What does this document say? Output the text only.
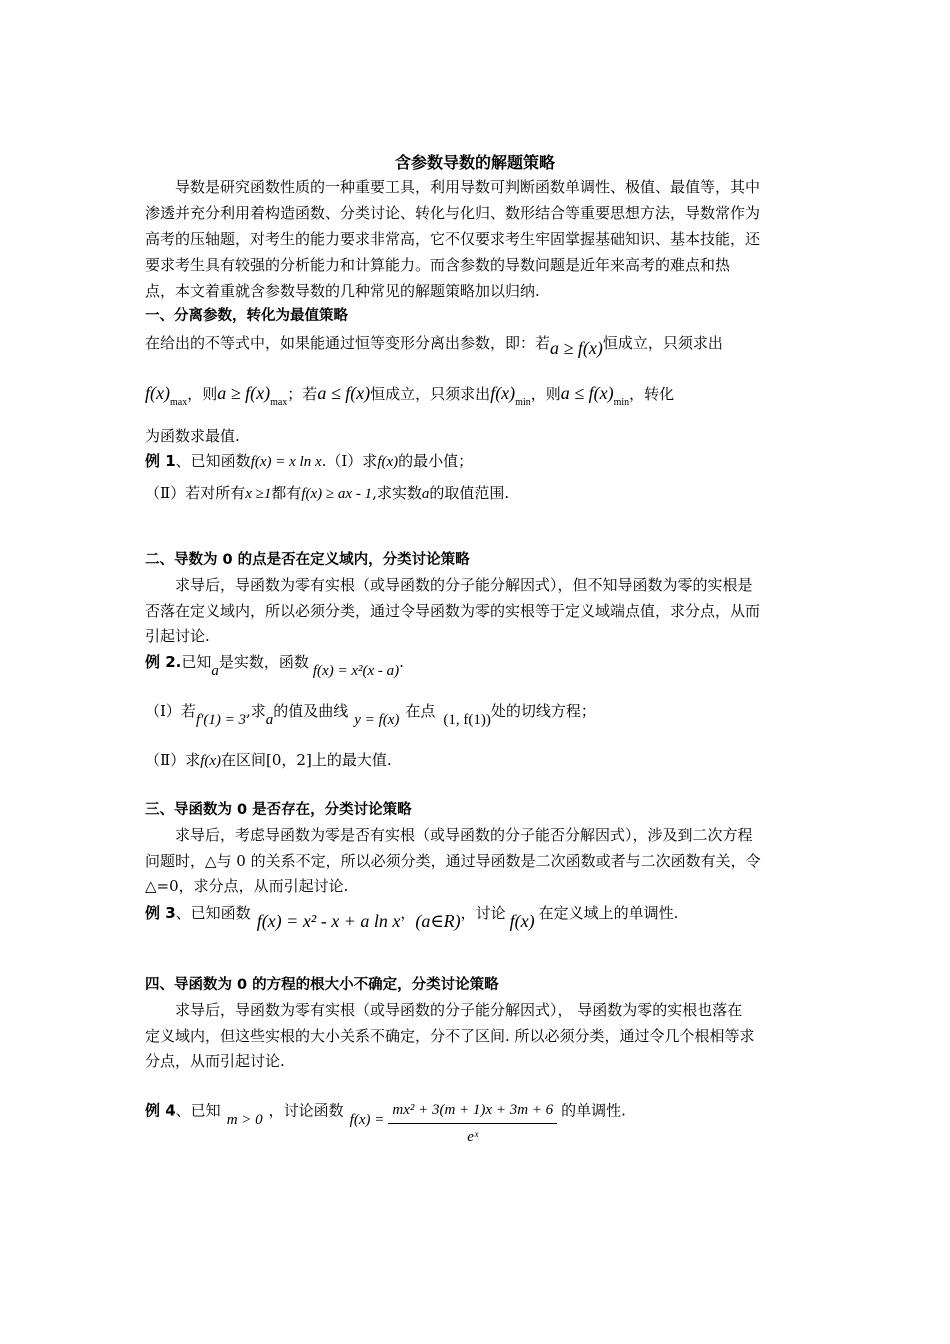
含参数导数的解题策略
导数是研究函数性质的一种重要工具，利用导数可判断函数单调性、极值、最值等，其中
渗透并充分利用着构造函数、分类讨论、转化与化归、数形结合等重要思想方法，导数常作为
高考的压轴题，对考生的能力要求非常高，它不仅要求考生牢固掌握基础知识、基本技能，还
要求考生具有较强的分析能力和计算能力。而含参数的导数问题是近年来高考的难点和热
点，本文着重就含参数导数的几种常见的解题策略加以归纳.
一、分离参数，转化为最值策略
在给出的不等式中，如果能通过恒等变形分离出参数，即：若a ≥ f(x)恒成立，只须求出
$f(x)_{max}$，则$a \ge f(x)_{max}$；若a ≤ f(x)恒成立，只须求出$f(x)_{min}$，则$a \le f(x)_{min}$，转化
为函数求最值.
例 1、已知函数f(x) = x ln x.（Ⅰ）求f(x)的最小值；
（Ⅱ）若对所有x ≥1都有f(x) ≥ ax - 1,求实数a的取值范围.
二、导数为 0 的点是否在定义域内，分类讨论策略
求导后，导函数为零有实根（或导函数的分子能分解因式），但不知导函数为零的实根是
否落在定义域内，所以必须分类，通过令导函数为零的实根等于定义域端点值，求分点，从而
引起讨论.
例 2.已知a是实数，函数 f(x) = x²(x - a).
（Ⅰ）若f′(1) = 3,求a的值及曲线 y = f(x) 在点 (1, f(1))处的切线方程；
（Ⅱ）求f(x)在区间[0，2]上的最大值.
三、导函数为 0 是否存在，分类讨论策略
求导后，考虑导函数为零是否有实根（或导函数的分子能否分解因式），涉及到二次方程
问题时，△与 0 的关系不定，所以必须分类，通过导函数是二次函数或者与二次函数有关，令
△=0，求分点，从而引起讨论.
例 3、已知函数 f(x) = x² - x + a ln x，(a∈R)，讨论 f(x) 在定义域上的单调性.
四、导函数为 0 的方程的根大小不确定，分类讨论策略
求导后，导函数为零有实根（或导函数的分子能分解因式）， 导函数为零的实根也落在
定义域内，但这些实根的大小关系不确定，分不了区间. 所以必须分类，通过令几个根相等求
分点，从而引起讨论.
例 4、已知 m > 0 ，讨论函数 $f(x) = \frac{\text{mx² + 3(m + 1)x + 3m + 6}}{\text{eˣ}}$ 的单调性.
